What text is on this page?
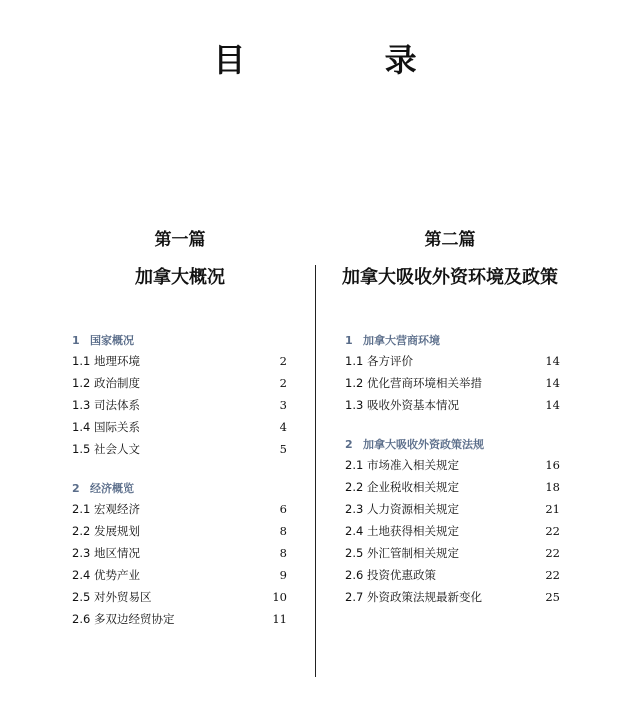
目 录
第一篇
加拿大概况
第二篇
加拿大吸收外资环境及政策
1 国家概况
1.1 地理环境	2
1.2 政治制度	2
1.3 司法体系	3
1.4 国际关系	4
1.5 社会人文	5
2 经济概览
2.1 宏观经济	6
2.2 发展规划	8
2.3 地区情况	8
2.4 优势产业	9
2.5 对外贸易区	10
2.6 多双边经贸协定	11
1 加拿大营商环境
1.1 各方评价	14
1.2 优化营商环境相关举措	14
1.3 吸收外资基本情况	14
2 加拿大吸收外资政策法规
2.1 市场准入相关规定	16
2.2 企业税收相关规定	18
2.3 人力资源相关规定	21
2.4 土地获得相关规定	22
2.5 外汇管制相关规定	22
2.6 投资优惠政策	22
2.7 外资政策法规最新变化	25
